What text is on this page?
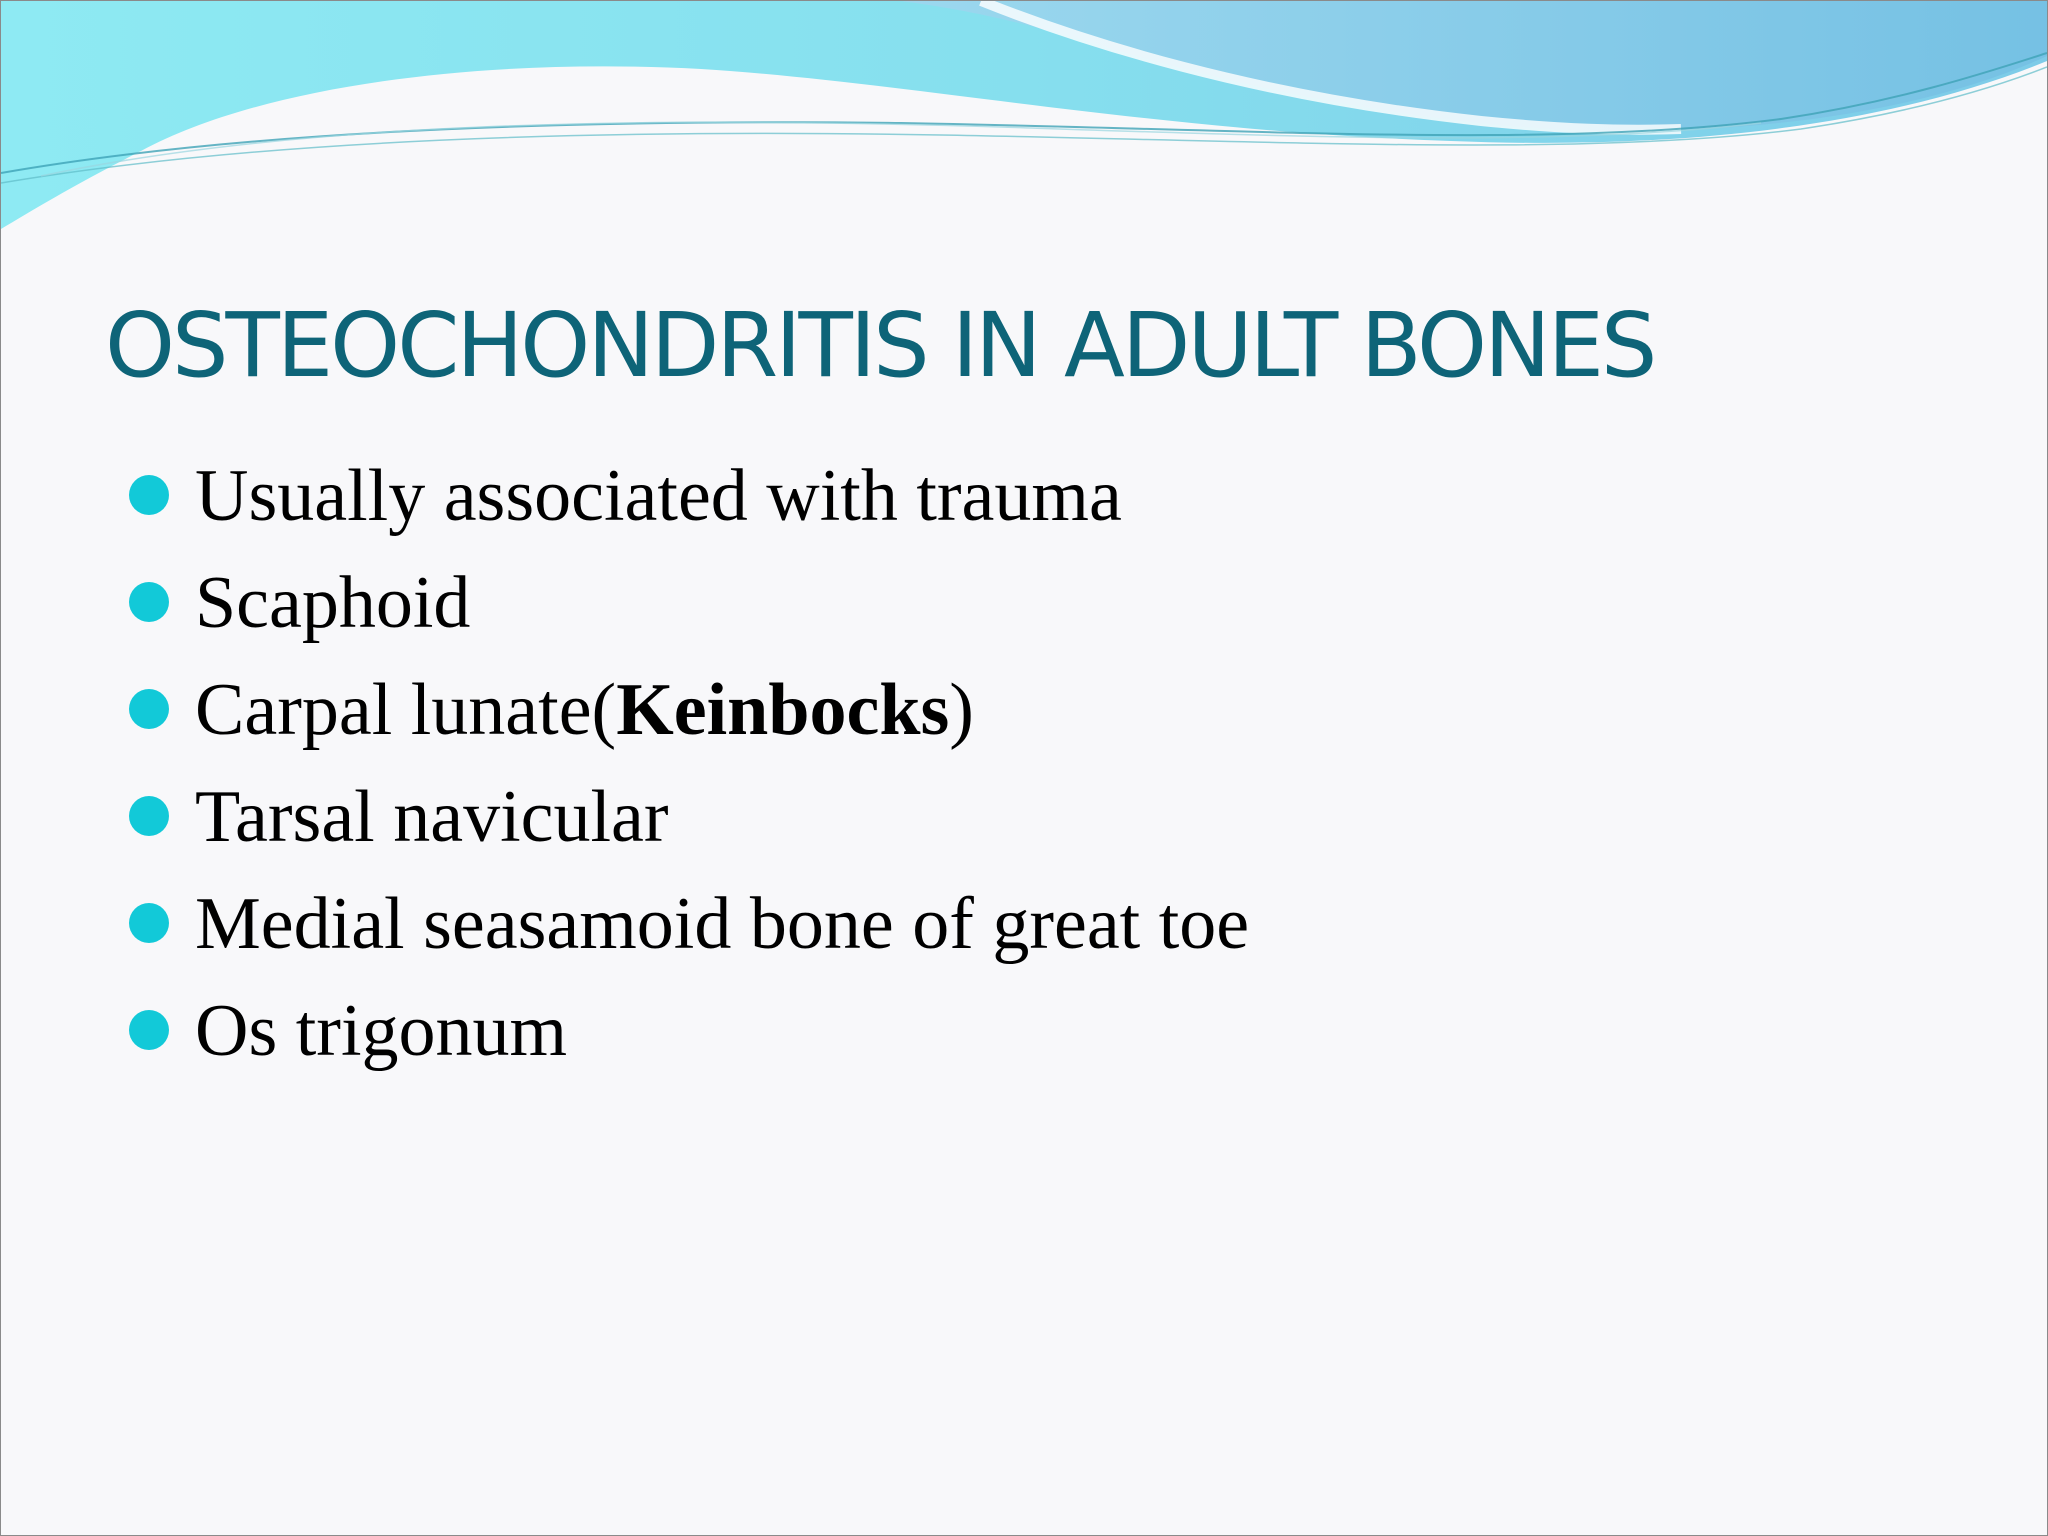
OSTEOCHONDRITIS IN ADULT BONES
Usually associated with trauma
Scaphoid
Carpal lunate(Keinbocks)
Tarsal navicular
Medial seasamoid bone of great toe
Os trigonum
